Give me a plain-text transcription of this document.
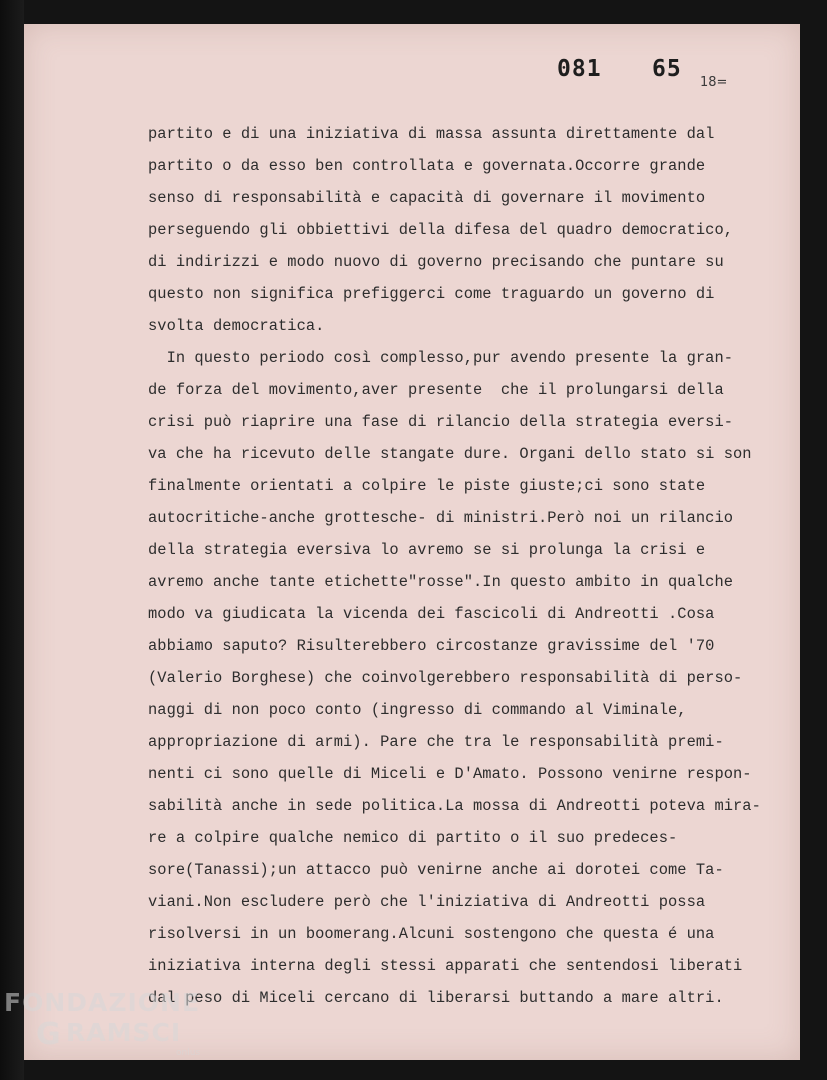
081 65
18=
partito e di una iniziativa di massa assunta direttamente dal
partito o da esso ben controllata e governata.Occorre grande
senso di responsabilità e capacità di governare il movimento
perseguendo gli obbiettivi della difesa del quadro democratico,
di indirizzi e modo nuovo di governo precisando che puntare su
questo non significa prefiggerci come traguardo un governo di
svolta democratica.
In questo periodo così complesso,pur avendo presente la gran-
de forza del movimento,aver presente  che il prolungarsi della
crisi può riaprire una fase di rilancio della strategia eversi-
va che ha ricevuto delle stangate dure. Organi dello stato si son
finalmente orientati a colpire le piste giuste;ci sono state
autocritiche-anche grottesche- di ministri.Però noi un rilancio
della strategia eversiva lo avremo se si prolunga la crisi e
avremo anche tante etichette"rosse".In questo ambito in qualche
modo va giudicata la vicenda dei fascicoli di Andreotti .Cosa
abbiamo saputo? Risulterebbero circostanze gravissime del '70
(Valerio Borghese) che coinvolgerebbero responsabilità di perso-
naggi di non poco conto (ingresso di commando al Viminale,
appropriazione di armi). Pare che tra le responsabilità premi-
nenti ci sono quelle di Miceli e D'Amato. Possono venirne respon-
sabilità anche in sede politica.La mossa di Andreotti poteva mira-
re a colpire qualche nemico di partito o il suo predeces-
sore(Tanassi);un attacco può venirne anche ai dorotei come Ta-
viani.Non escludere però che l'iniziativa di Andreotti possa
risolversi in un boomerang.Alcuni sostengono che questa é una
iniziativa interna degli stessi apparati che sentendosi liberati
dal peso di Miceli cercano di liberarsi buttando a mare altri.
FONDAZIONE
G RAMSCI
onlus
